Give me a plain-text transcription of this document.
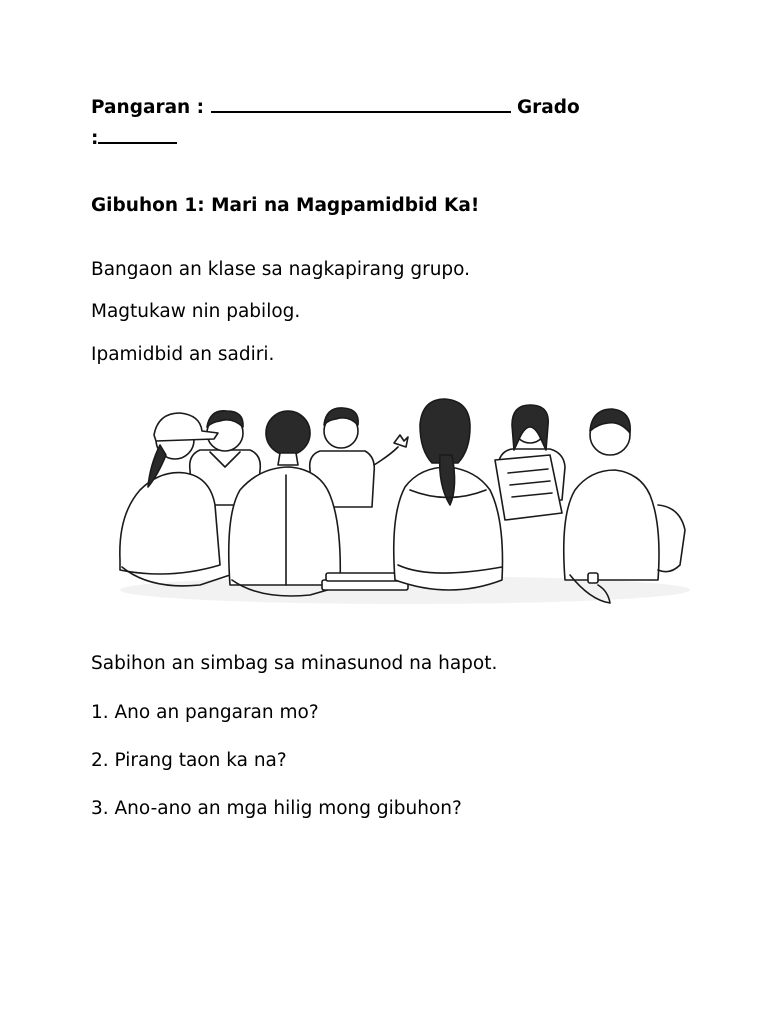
Pangaran :	Grado
:
Gibuhon 1: Mari na Magpamidbid Ka!
Bangaon an klase sa nagkapirang grupo.
Magtukaw nin pabilog.
Ipamidbid an sadiri.
Sabihon an simbag sa minasunod na hapot.
1. Ano an pangaran mo?
2. Pirang taon ka na?
3. Ano-ano an mga hilig mong gibuhon?
